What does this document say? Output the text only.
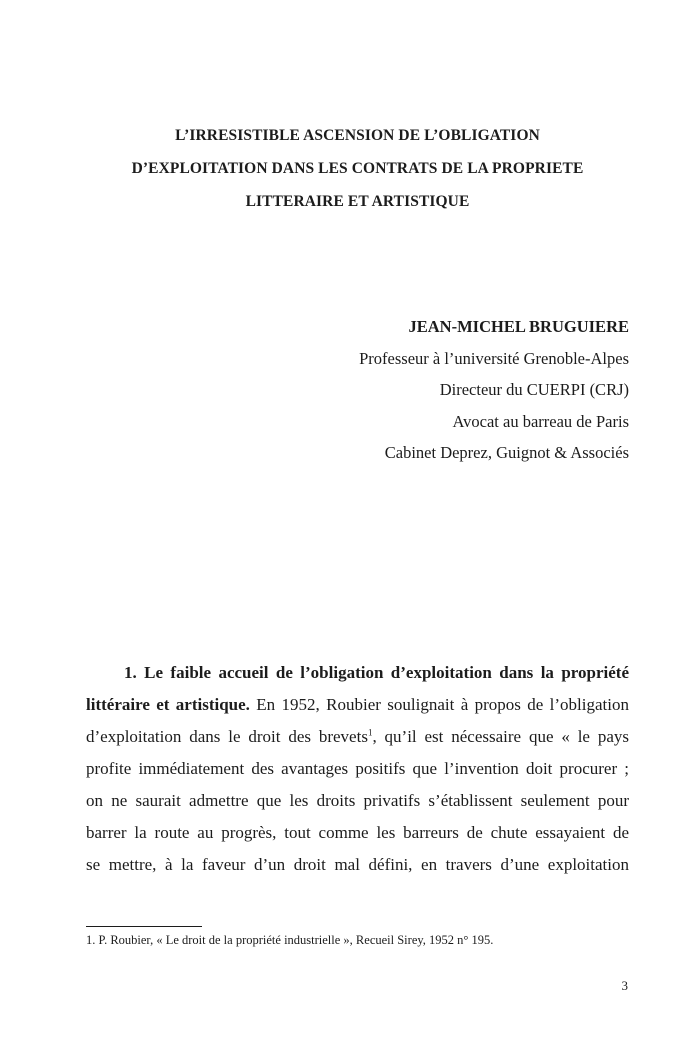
L’IRRESISTIBLE ASCENSION DE L’OBLIGATION
D’EXPLOITATION DANS LES CONTRATS DE LA PROPRIETE
LITTERAIRE ET ARTISTIQUE
JEAN-MICHEL BRUGUIERE
Professeur à l’université Grenoble-Alpes
Directeur du CUERPI (CRJ)
Avocat au barreau de Paris
Cabinet Deprez, Guignot & Associés
1. Le faible accueil de l’obligation d’exploitation dans la propriété
littéraire et artistique. En 1952, Roubier soulignait à propos de l’obligation
d’exploitation dans le droit des brevets$^1$, qu’il est nécessaire que « le pays
profite immédiatement des avantages positifs que l’invention doit procurer ;
on ne saurait admettre que les droits privatifs s’établissent seulement pour
barrer la route au progrès, tout comme les barreurs de chute essayaient de
se mettre, à la faveur d’un droit mal défini, en travers d’une exploitation
1. P. Roubier, « Le droit de la propriété industrielle », Recueil Sirey, 1952 n° 195.
3
